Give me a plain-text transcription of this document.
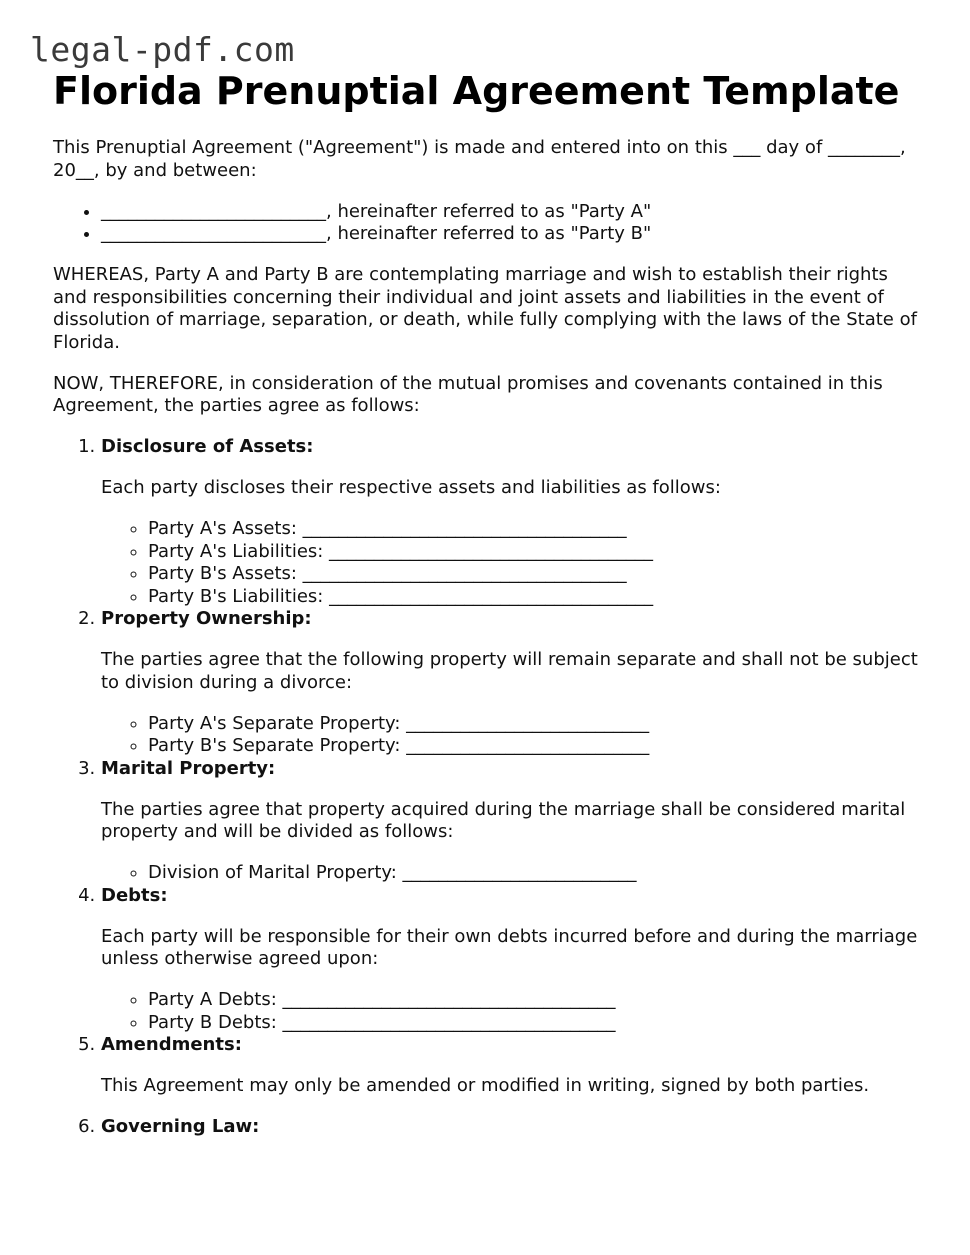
legal-pdf.com
Florida Prenuptial Agreement Template

This Prenuptial Agreement ("Agreement") is made and entered into on this ___ day of ________, 20__, by and between:

• _________________________, hereinafter referred to as "Party A"
• _________________________, hereinafter referred to as "Party B"

WHEREAS, Party A and Party B are contemplating marriage and wish to establish their rights and responsibilities concerning their individual and joint assets and liabilities in the event of dissolution of marriage, separation, or death, while fully complying with the laws of the State of Florida.

NOW, THEREFORE, in consideration of the mutual promises and covenants contained in this Agreement, the parties agree as follows:

1. Disclosure of Assets:
Each party discloses their respective assets and liabilities as follows:
◦ Party A's Assets: ____________________________________
◦ Party A's Liabilities: ____________________________________
◦ Party B's Assets: ____________________________________
◦ Party B's Liabilities: ____________________________________
2. Property Ownership:
The parties agree that the following property will remain separate and shall not be subject to division during a divorce:
◦ Party A's Separate Property: ___________________________
◦ Party B's Separate Property: ___________________________
3. Marital Property:
The parties agree that property acquired during the marriage shall be considered marital property and will be divided as follows:
◦ Division of Marital Property: __________________________
4. Debts:
Each party will be responsible for their own debts incurred before and during the marriage unless otherwise agreed upon:
◦ Party A Debts: _____________________________________
◦ Party B Debts: _____________________________________
5. Amendments:
This Agreement may only be amended or modified in writing, signed by both parties.
6. Governing Law:
